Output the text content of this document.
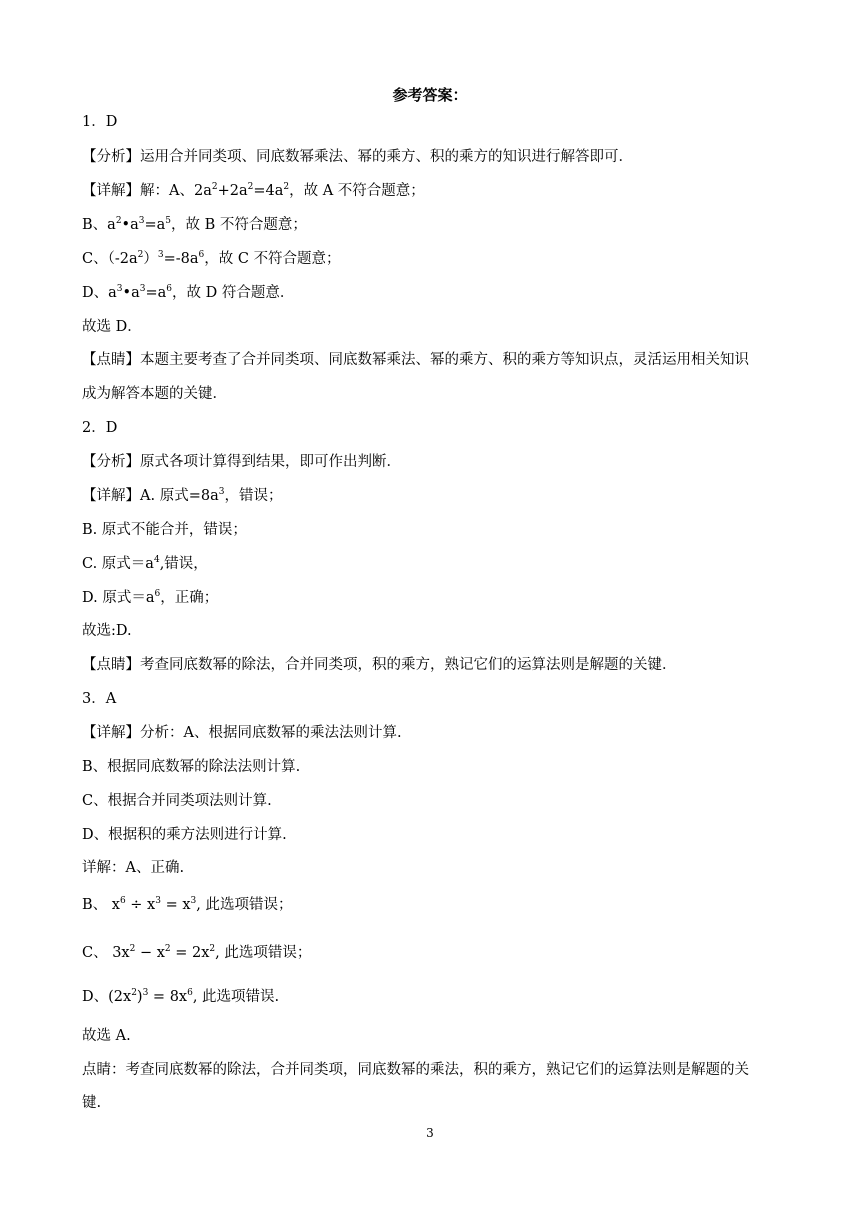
参考答案：
1．D
【分析】运用合并同类项、同底数幂乘法、幂的乘方、积的乘方的知识进行解答即可．
【详解】解：A、$2a^2+2a^2=4a^2$，故 A 不符合题意；
B、$a^2•a^3=a^5$，故 B 不符合题意；
C、$(-2a^2)^3=-8a^6$，故 C 不符合题意；
D、$a^3•a^3=a^6$，故 D 符合题意．
故选 D．
【点睛】本题主要考查了合并同类项、同底数幂乘法、幂的乘方、积的乘方等知识点，灵活运用相关知识
成为解答本题的关键．
2．D
【分析】原式各项计算得到结果，即可作出判断．
【详解】A. 原式$=8a^3$，错误；
B. 原式不能合并，错误；
C. 原式$=a^4$,错误，
D. 原式$=a^6$，正确；
故选:D.
【点睛】考查同底数幂的除法，合并同类项，积的乘方，熟记它们的运算法则是解题的关键．
3．A
【详解】分析：A、根据同底数幂的乘法法则计算.
B、根据同底数幂的除法法则计算.
C、根据合并同类项法则计算.
D、根据积的乘方法则进行计算.
详解：A、正确.
B、 $x^6 \div x^3 = x^3$, 此选项错误；
C、 $3x^2 - x^2 = 2x^2$, 此选项错误；
D、$(2x^2)^3 = 8x^6$, 此选项错误.
故选 A.
点睛：考查同底数幂的除法，合并同类项，同底数幂的乘法，积的乘方，熟记它们的运算法则是解题的关
键.
3
